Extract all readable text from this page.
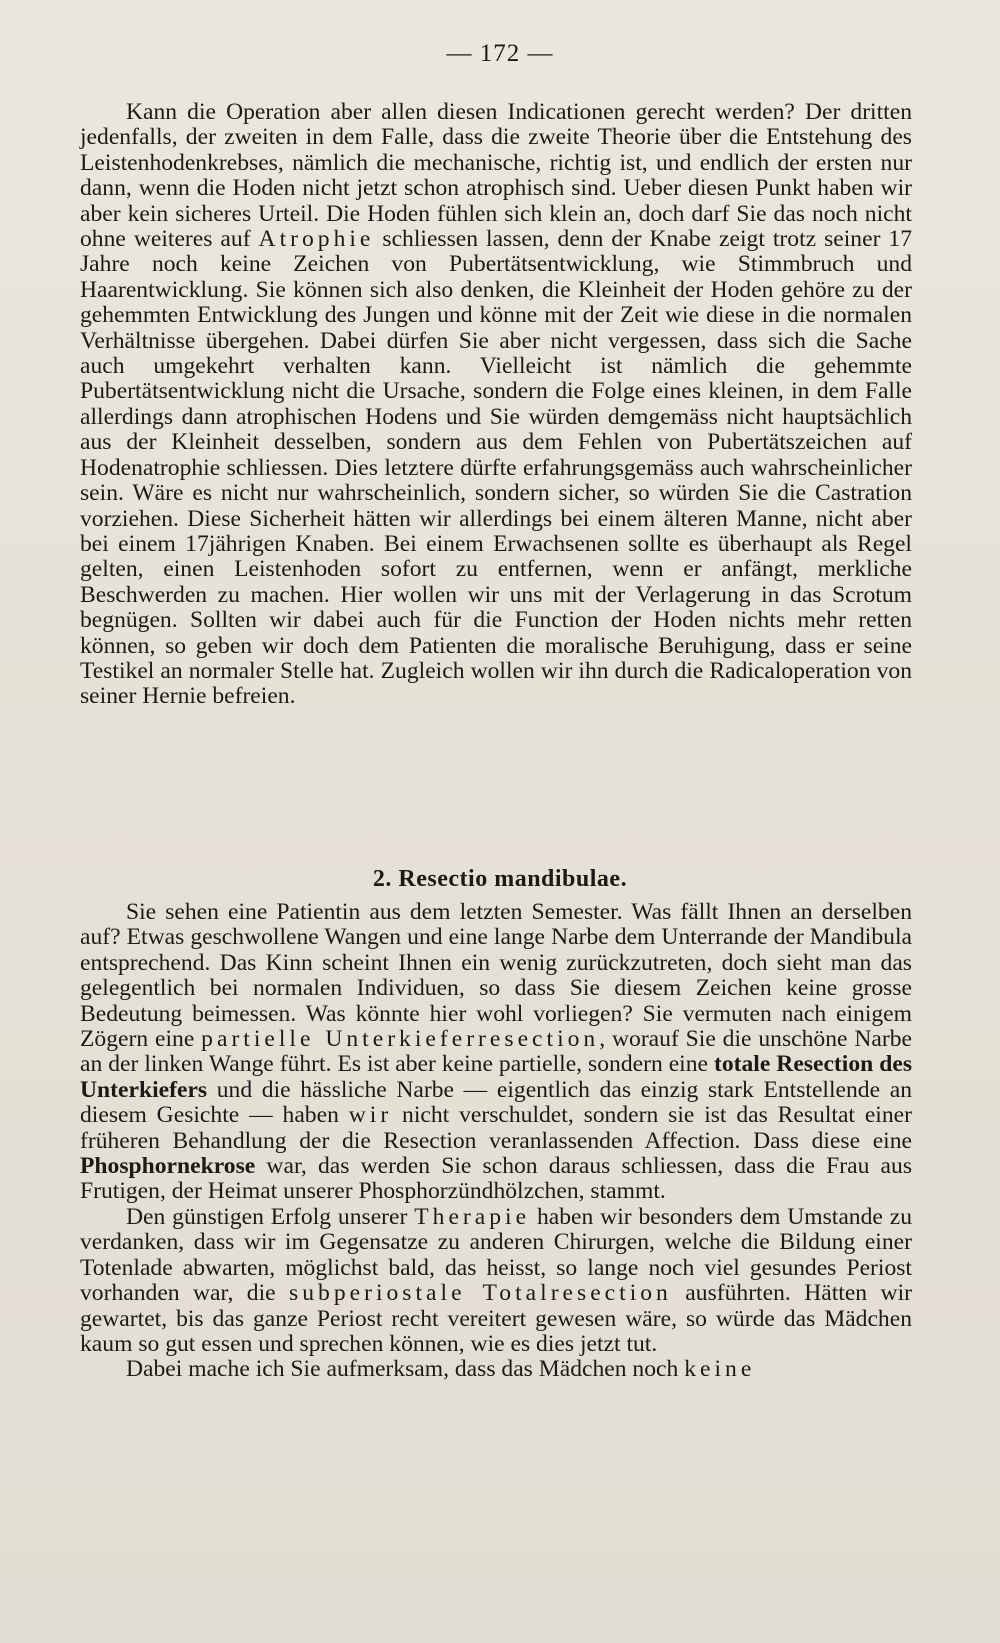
— 172 —

Kann die Operation aber allen diesen Indicationen gerecht werden? Der dritten jedenfalls, der zweiten in dem Falle, dass die zweite Theorie über die Entstehung des Leistenhodenkrebses, nämlich die mechanische, richtig ist, und endlich der ersten nur dann, wenn die Hoden nicht jetzt schon atrophisch sind. Ueber diesen Punkt haben wir aber kein sicheres Urteil. Die Hoden fühlen sich klein an, doch darf Sie das noch nicht ohne weiteres auf Atrophie schliessen lassen, denn der Knabe zeigt trotz seiner 17 Jahre noch keine Zeichen von Pubertätsentwicklung, wie Stimmbruch und Haarentwicklung. Sie können sich also denken, die Kleinheit der Hoden gehöre zu der gehemmten Entwicklung des Jungen und könne mit der Zeit wie diese in die normalen Verhältnisse übergehen. Dabei dürfen Sie aber nicht vergessen, dass sich die Sache auch umgekehrt verhalten kann. Vielleicht ist nämlich die gehemmte Pubertätsentwicklung nicht die Ursache, sondern die Folge eines kleinen, in dem Falle allerdings dann atrophischen Hodens und Sie würden demgemäss nicht hauptsächlich aus der Kleinheit desselben, sondern aus dem Fehlen von Pubertätszeichen auf Hodenatrophie schliessen. Dies letztere dürfte erfahrungsgemäss auch wahrscheinlicher sein. Wäre es nicht nur wahrscheinlich, sondern sicher, so würden Sie die Castration vorziehen. Diese Sicherheit hätten wir allerdings bei einem älteren Manne, nicht aber bei einem 17jährigen Knaben. Bei einem Erwachsenen sollte es überhaupt als Regel gelten, einen Leistenhoden sofort zu entfernen, wenn er anfängt, merkliche Beschwerden zu machen. Hier wollen wir uns mit der Verlagerung in das Scrotum begnügen. Sollten wir dabei auch für die Function der Hoden nichts mehr retten können, so geben wir doch dem Patienten die moralische Beruhigung, dass er seine Testikel an normaler Stelle hat. Zugleich wollen wir ihn durch die Radicaloperation von seiner Hernie befreien.

2. Resectio mandibulae.

Sie sehen eine Patientin aus dem letzten Semester. Was fällt Ihnen an derselben auf? Etwas geschwollene Wangen und eine lange Narbe dem Unterrande der Mandibula entsprechend. Das Kinn scheint Ihnen ein wenig zurückzutreten, doch sieht man das gelegentlich bei normalen Individuen, so dass Sie diesem Zeichen keine grosse Bedeutung beimessen. Was könnte hier wohl vorliegen? Sie vermuten nach einigem Zögern eine partielle Unterkieferresection, worauf Sie die unschöne Narbe an der linken Wange führt. Es ist aber keine partielle, sondern eine totale Resection des Unterkiefers und die hässliche Narbe — eigentlich das einzig stark Entstellende an diesem Gesichte — haben wir nicht verschuldet, sondern sie ist das Resultat einer früheren Behandlung der die Resection veranlassenden Affection. Dass diese eine Phosphornekrose war, das werden Sie schon daraus schliessen, dass die Frau aus Frutigen, der Heimat unserer Phosphorzündhölzchen, stammt.

Den günstigen Erfolg unserer Therapie haben wir besonders dem Umstande zu verdanken, dass wir im Gegensatze zu anderen Chirurgen, welche die Bildung einer Totenlade abwarten, möglichst bald, das heisst, so lange noch viel gesundes Periost vorhanden war, die subperiostale Totalresection ausführten. Hätten wir gewartet, bis das ganze Periost recht vereitert gewesen wäre, so würde das Mädchen kaum so gut essen und sprechen können, wie es dies jetzt tut.

Dabei mache ich Sie aufmerksam, dass das Mädchen noch keine
